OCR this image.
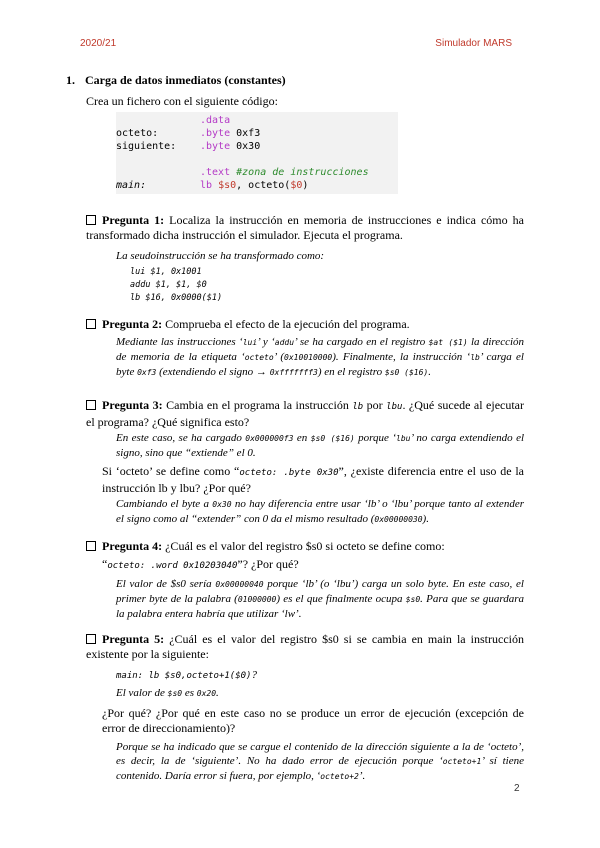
2020/21	Simulador MARS
1. Carga de datos inmediatos (constantes)
Crea un fichero con el siguiente código:
.data
octeto:	.byte 0xf3
siguiente: .byte 0x30
.text #zona de instrucciones
main:	lb $s0, octeto($0)
Pregunta 1: Localiza la instrucción en memoria de instrucciones e indica cómo ha transformado dicha instrucción el simulador. Ejecuta el programa.
La seudoinstrucción se ha transformado como:
lui $1, 0x1001
addu $1, $1, $0
lb $16, 0x0000($1)
Pregunta 2: Comprueba el efecto de la ejecución del programa.
Mediante las instrucciones ‘lui’ y ‘addu’ se ha cargado en el registro $at ($1) la dirección de memoria de la etiqueta ‘octeto’ (0x10010000). Finalmente, la instrucción ‘lb’ carga el byte 0xf3 (extendiendo el signo → 0xfffffff3) en el registro $s0 ($16).
Pregunta 3: Cambia en el programa la instrucción lb por lbu. ¿Qué sucede al ejecutar el programa? ¿Qué significa esto?
En este caso, se ha cargado 0x000000f3 en $s0 ($16) porque ‘lbu’ no carga extendiendo el signo, sino que “extiende” el 0.
Si ‘octeto’ se define como “octeto: .byte 0x30”, ¿existe diferencia entre el uso de la instrucción lb y lbu? ¿Por qué?
Cambiando el byte a 0x30 no hay diferencia entre usar ‘lb’ o ‘lbu’ porque tanto al extender el signo como al “extender” con 0 da el mismo resultado (0x00000030).
Pregunta 4: ¿Cuál es el valor del registro $s0 si octeto se define como:
“octeto: .word 0x10203040”? ¿Por qué?
El valor de $s0 sería 0x00000040 porque ‘lb’ (o ‘lbu’) carga un solo byte. En este caso, el primer byte de la palabra (01000000) es el que finalmente ocupa $s0. Para que se guardara la palabra entera habría que utilizar ‘lw’.
Pregunta 5: ¿Cuál es el valor del registro $s0 si se cambia en main la instrucción existente por la siguiente:
main: lb $s0,octeto+1($0)?
El valor de $s0 es 0x20.
¿Por qué? ¿Por qué en este caso no se produce un error de ejecución (excepción de error de direccionamiento)?
Porque se ha indicado que se cargue el contenido de la dirección siguiente a la de ‘octeto’, es decir, la de ‘siguiente’. No ha dado error de ejecución porque ‘octeto+1’ sí tiene contenido. Daría error si fuera, por ejemplo, ‘octeto+2’.
2
